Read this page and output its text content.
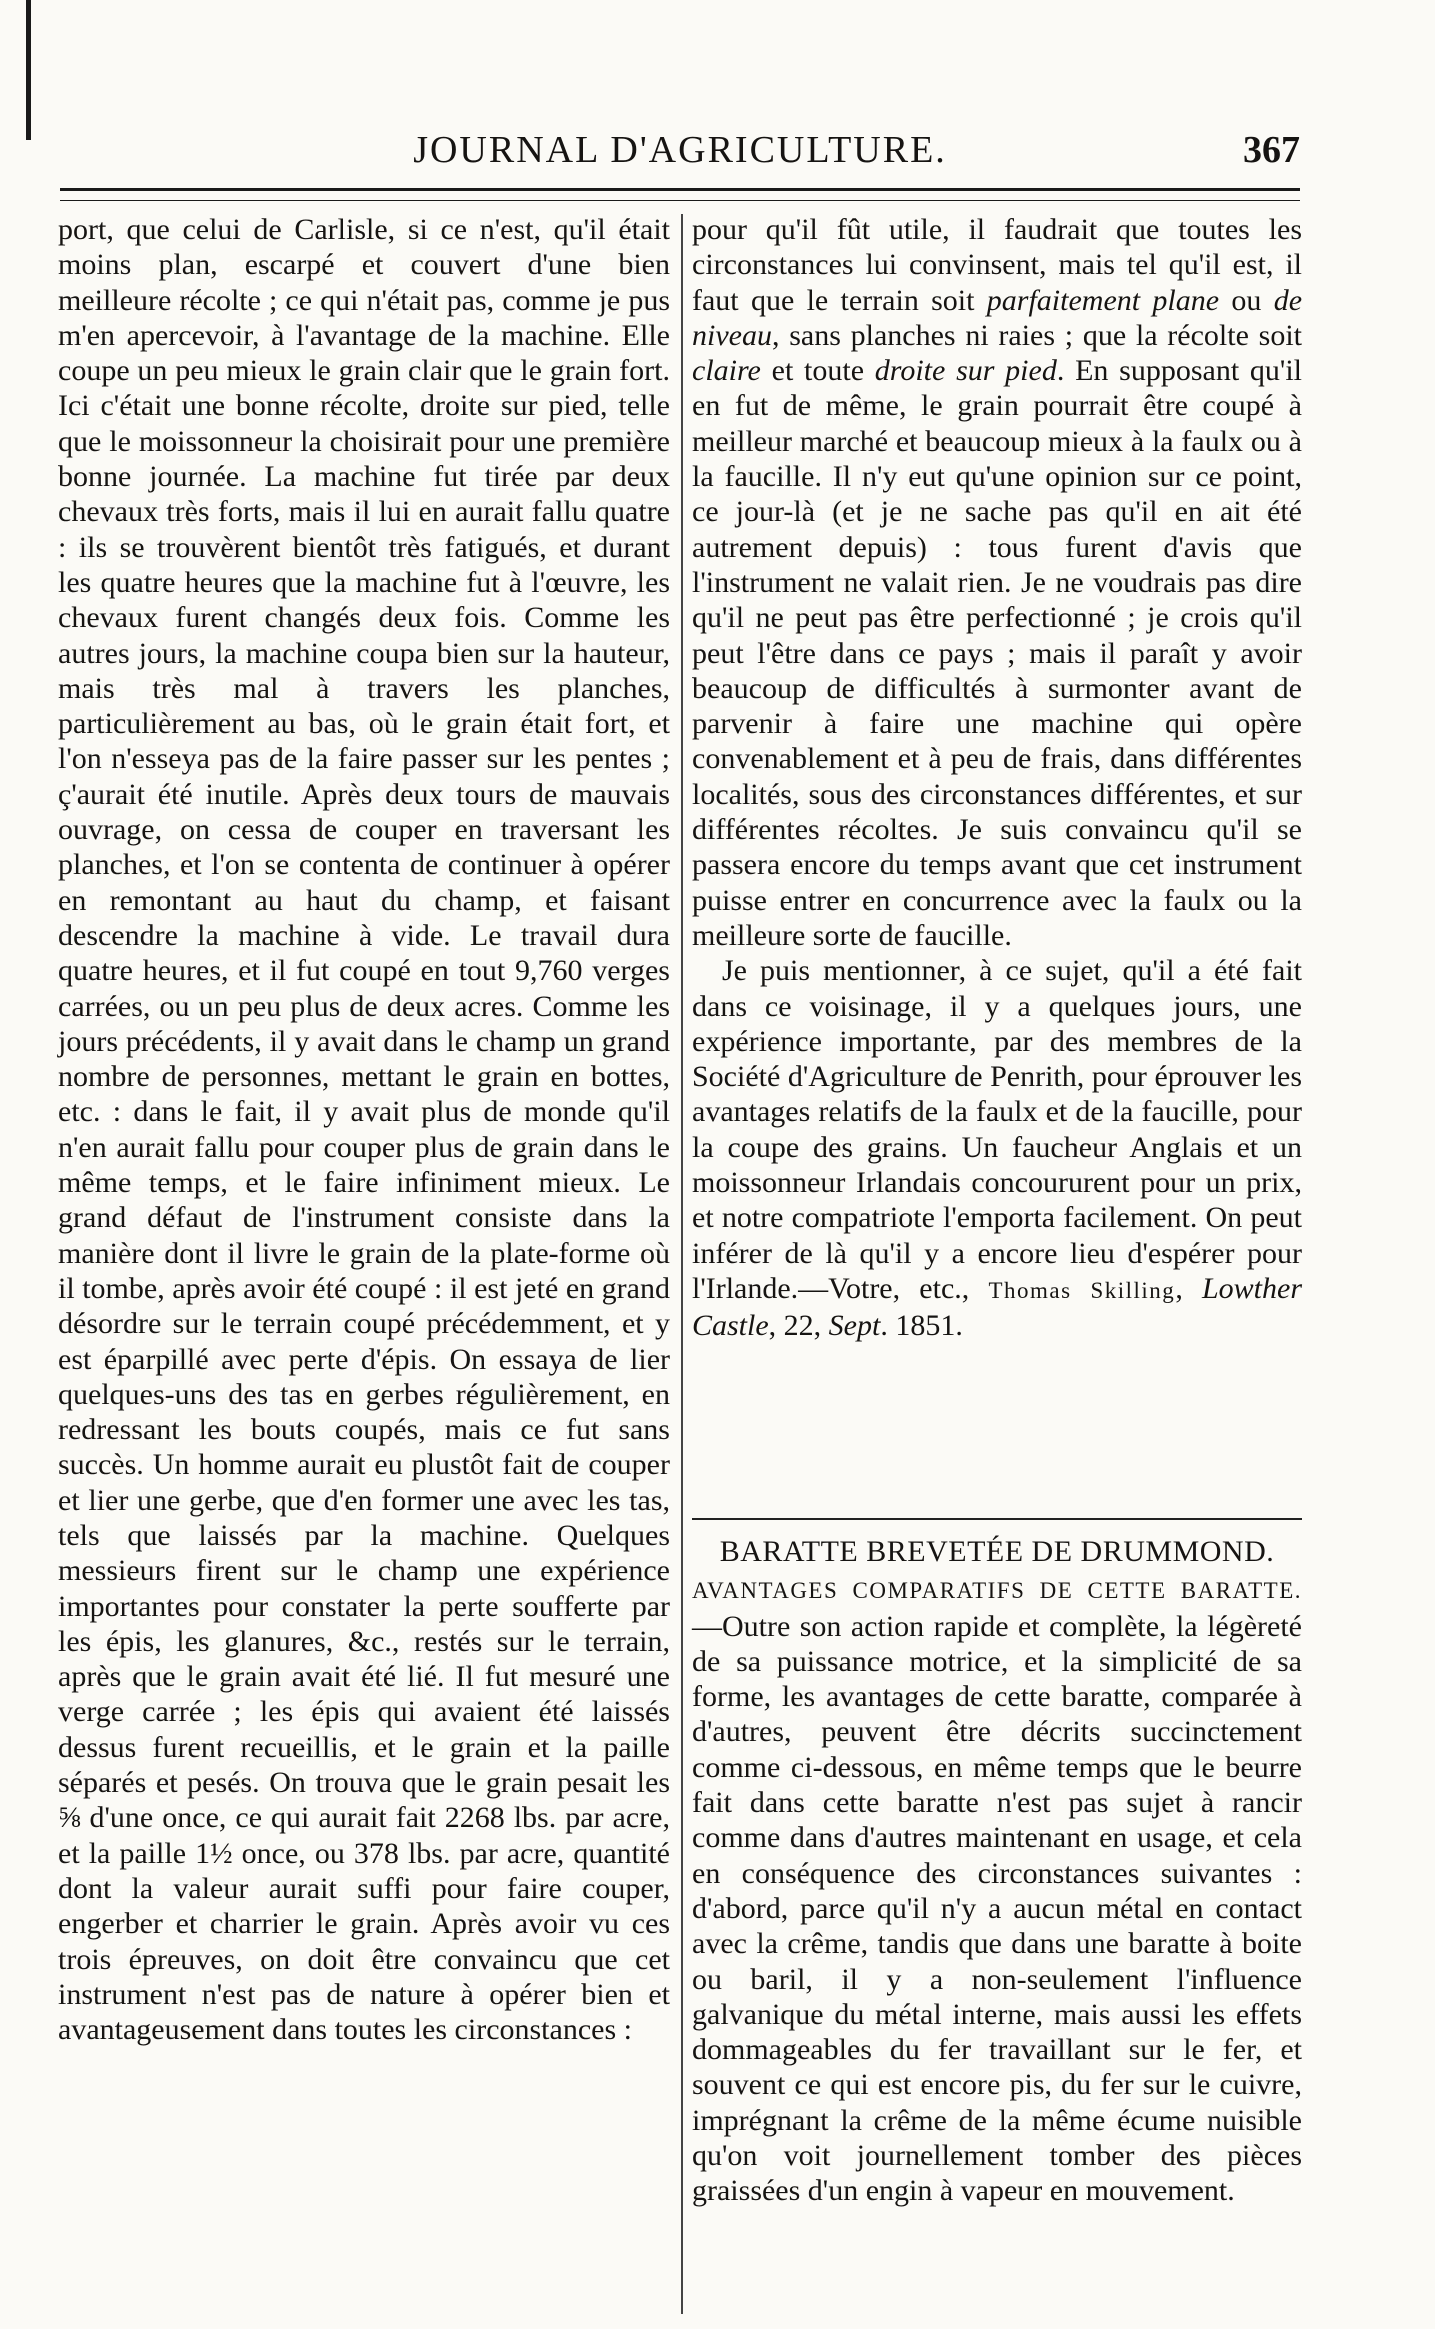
JOURNAL D'AGRICULTURE.	367

port, que celui de Carlisle, si ce n'est, qu'il était moins plan, escarpé et couvert d'une bien meilleure récolte ; ce qui n'était pas, comme je pus m'en apercevoir, à l'avantage de la machine. Elle coupe un peu mieux le grain clair que le grain fort. Ici c'était une bonne récolte, droite sur pied, telle que le moissonneur la choisirait pour une première bonne journée. La machine fut tirée par deux chevaux très forts, mais il lui en aurait fallu quatre : ils se trouvèrent bientôt très fatigués, et durant les quatre heures que la machine fut à l'œuvre, les chevaux furent changés deux fois. Comme les autres jours, la machine coupa bien sur la hauteur, mais très mal à travers les planches, particulièrement au bas, où le grain était fort, et l'on n'esseya pas de la faire passer sur les pentes ; ç'aurait été inutile. Après deux tours de mauvais ouvrage, on cessa de couper en traversant les planches, et l'on se contenta de continuer à opérer en remontant au haut du champ, et faisant descendre la machine à vide. Le travail dura quatre heures, et il fut coupé en tout 9,760 verges carrées, ou un peu plus de deux acres. Comme les jours précédents, il y avait dans le champ un grand nombre de personnes, mettant le grain en bottes, etc. : dans le fait, il y avait plus de monde qu'il n'en aurait fallu pour couper plus de grain dans le même temps, et le faire infiniment mieux. Le grand défaut de l'instrument consiste dans la manière dont il livre le grain de la plate-forme où il tombe, après avoir été coupé : il est jeté en grand désordre sur le terrain coupé précédemment, et y est éparpillé avec perte d'épis. On essaya de lier quelques-uns des tas en gerbes régulièrement, en redressant les bouts coupés, mais ce fut sans succès. Un homme aurait eu plustôt fait de couper et lier une gerbe, que d'en former une avec les tas, tels que laissés par la machine. Quelques messieurs firent sur le champ une expérience importantes pour constater la perte soufferte par les épis, les glanures, &c., restés sur le terrain, après que le grain avait été lié. Il fut mesuré une verge carrée ; les épis qui avaient été laissés dessus furent recueillis, et le grain et la paille séparés et pesés. On trouva que le grain pesait les ⅝ d'une once, ce qui aurait fait 2268 lbs. par acre, et la paille 1½ once, ou 378 lbs. par acre, quantité dont la valeur aurait suffi pour faire couper, engerber et charrier le grain. Après avoir vu ces trois épreuves, on doit être convaincu que cet instrument n'est pas de nature à opérer bien et avantageusement dans toutes les circonstances :

pour qu'il fût utile, il faudrait que toutes les circonstances lui convinsent, mais tel qu'il est, il faut que le terrain soit parfaitement plane ou de niveau, sans planches ni raies ; que la récolte soit claire et toute droite sur pied. En supposant qu'il en fut de même, le grain pourrait être coupé à meilleur marché et beaucoup mieux à la faulx ou à la faucille. Il n'y eut qu'une opinion sur ce point, ce jour-là (et je ne sache pas qu'il en ait été autrement depuis) : tous furent d'avis que l'instrument ne valait rien. Je ne voudrais pas dire qu'il ne peut pas être perfectionné ; je crois qu'il peut l'être dans ce pays ; mais il paraît y avoir beaucoup de difficultés à surmonter avant de parvenir à faire une machine qui opère convenablement et à peu de frais, dans différentes localités, sous des circonstances différentes, et sur différentes récoltes. Je suis convaincu qu'il se passera encore du temps avant que cet instrument puisse entrer en concurrence avec la faulx ou la meilleure sorte de faucille.

Je puis mentionner, à ce sujet, qu'il a été fait dans ce voisinage, il y a quelques jours, une expérience importante, par des membres de la Société d'Agriculture de Penrith, pour éprouver les avantages relatifs de la faulx et de la faucille, pour la coupe des grains. Un faucheur Anglais et un moissonneur Irlandais concoururent pour un prix, et notre compatriote l'emporta facilement. On peut inférer de là qu'il y a encore lieu d'espérer pour l'Irlande.—Votre, etc., Thomas Skilling, Lowther Castle, 22, Sept. 1851.

BARATTE BREVETÉE DE DRUMMOND.

AVANTAGES COMPARATIFS DE CETTE BARATTE.—Outre son action rapide et complète, la légèreté de sa puissance motrice, et la simplicité de sa forme, les avantages de cette baratte, comparée à d'autres, peuvent être décrits succinctement comme ci-dessous, en même temps que le beurre fait dans cette baratte n'est pas sujet à rancir comme dans d'autres maintenant en usage, et cela en conséquence des circonstances suivantes : d'abord, parce qu'il n'y a aucun métal en contact avec la crême, tandis que dans une baratte à boite ou baril, il y a non-seulement l'influence galvanique du métal interne, mais aussi les effets dommageables du fer travaillant sur le fer, et souvent ce qui est encore pis, du fer sur le cuivre, imprégnant la crême de la même écume nuisible qu'on voit journellement tomber des pièces graissées d'un engin à vapeur en mouvement.
